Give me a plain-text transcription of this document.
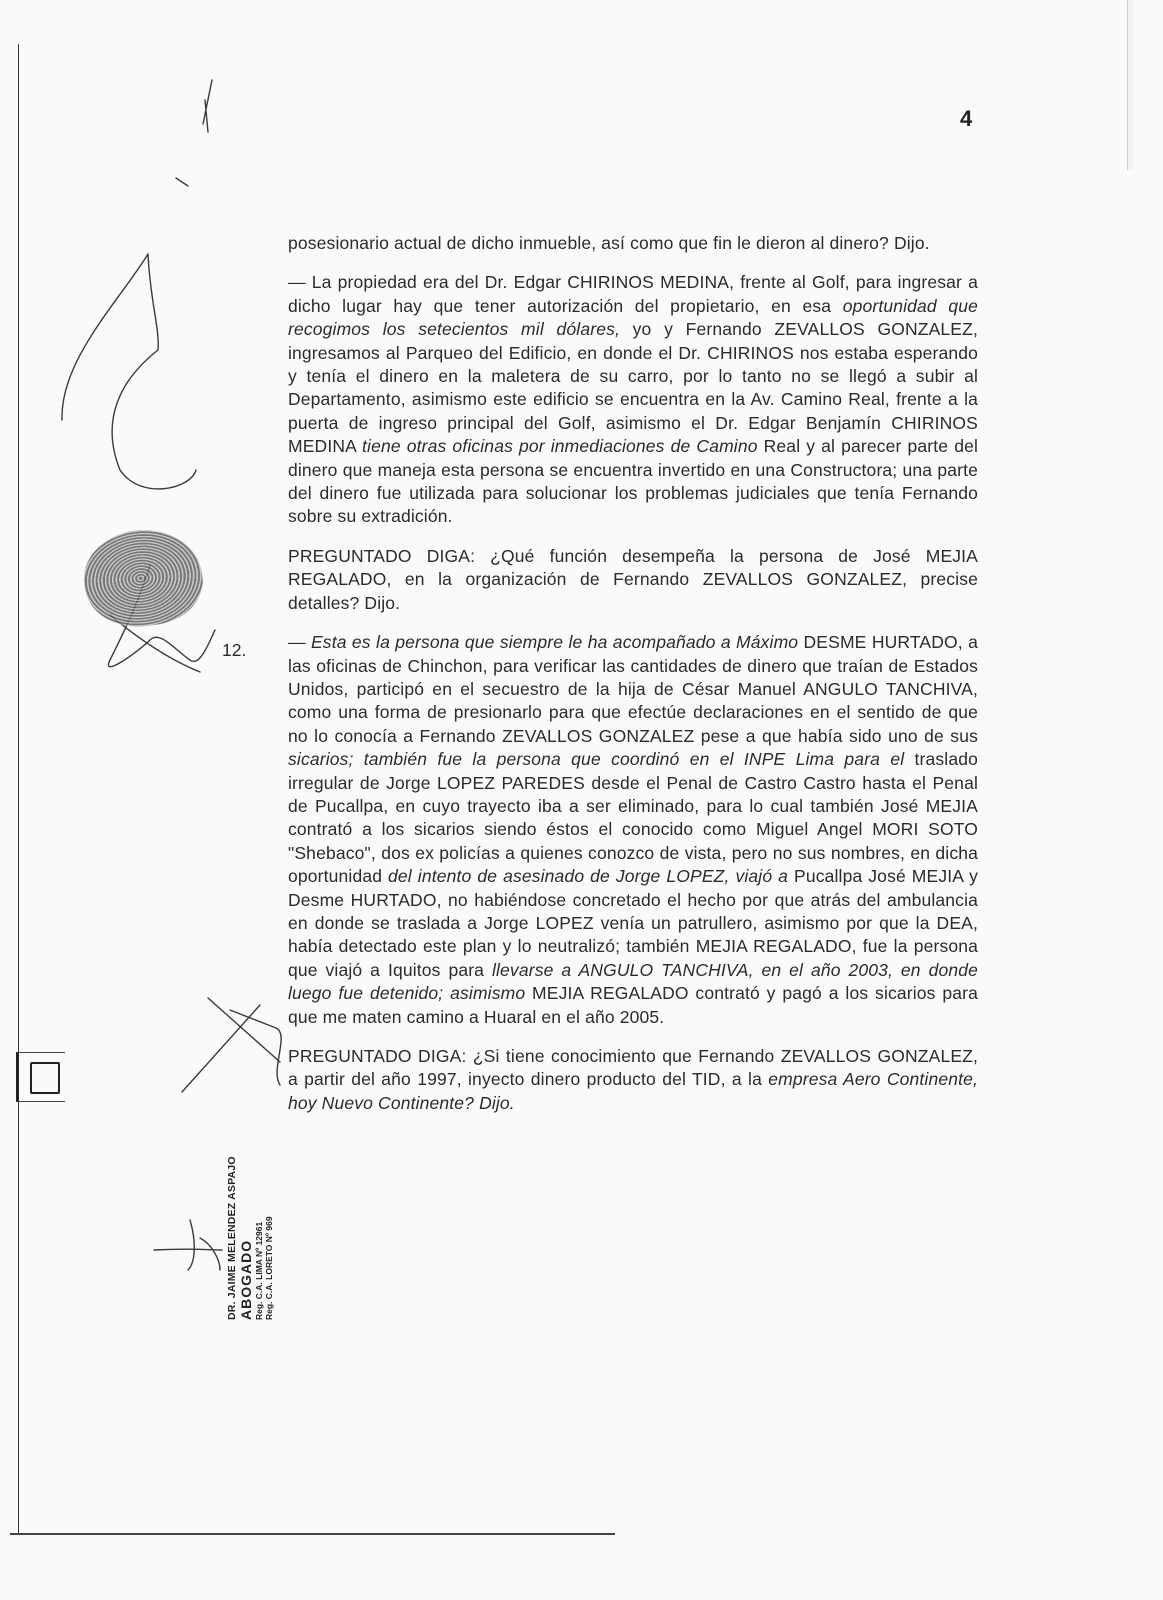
4
DR. JAIME MELENDEZ ASPAJO ABOGADO Reg. C.A. LIMA Nº 12961 Reg. C.A. LORETO Nº 969
12.

posesionario actual de dicho inmueble, así como que fin le dieron al dinero? Dijo.

— La propiedad era del Dr. Edgar CHIRINOS MEDINA, frente al Golf, para ingresar a dicho lugar hay que tener autorización del propietario, en esa oportunidad que recogimos los setecientos mil dólares, yo y Fernando ZEVALLOS GONZALEZ, ingresamos al Parqueo del Edificio, en donde el Dr. CHIRINOS nos estaba esperando y tenía el dinero en la maletera de su carro, por lo tanto no se llegó a subir al Departamento, asimismo este edificio se encuentra en la Av. Camino Real, frente a la puerta de ingreso principal del Golf, asimismo el Dr. Edgar Benjamín CHIRINOS MEDINA tiene otras oficinas por inmediaciones de Camino Real y al parecer parte del dinero que maneja esta persona se encuentra invertido en una Constructora; una parte del dinero fue utilizada para solucionar los problemas judiciales que tenía Fernando sobre su extradición.

PREGUNTADO DIGA: ¿Qué función desempeña la persona de José MEJIA REGALADO, en la organización de Fernando ZEVALLOS GONZALEZ, precise detalles? Dijo.

— Esta es la persona que siempre le ha acompañado a Máximo DESME HURTADO, a las oficinas de Chinchon, para verificar las cantidades de dinero que traían de Estados Unidos, participó en el secuestro de la hija de César Manuel ANGULO TANCHIVA, como una forma de presionarlo para que efectúe declaraciones en el sentido de que no lo conocía a Fernando ZEVALLOS GONZALEZ pese a que había sido uno de sus sicarios; también fue la persona que coordinó en el INPE Lima para el traslado irregular de Jorge LOPEZ PAREDES desde el Penal de Castro Castro hasta el Penal de Pucallpa, en cuyo trayecto iba a ser eliminado, para lo cual también José MEJIA contrató a los sicarios siendo éstos el conocido como Miguel Angel MORI SOTO "Shebaco", dos ex policías a quienes conozco de vista, pero no sus nombres, en dicha oportunidad del intento de asesinado de Jorge LOPEZ, viajó a Pucallpa José MEJIA y Desme HURTADO, no habiéndose concretado el hecho por que atrás del ambulancia en donde se traslada a Jorge LOPEZ venía un patrullero, asimismo por que la DEA, había detectado este plan y lo neutralizó; también MEJIA REGALADO, fue la persona que viajó a Iquitos para llevarse a ANGULO TANCHIVA, en el año 2003, en donde luego fue detenido; asimismo MEJIA REGALADO contrató y pagó a los sicarios para que me maten camino a Huaral en el año 2005.

PREGUNTADO DIGA: ¿Si tiene conocimiento que Fernando ZEVALLOS GONZALEZ, a partir del año 1997, inyecto dinero producto del TID, a la empresa Aero Continente, hoy Nuevo Continente? Dijo.
